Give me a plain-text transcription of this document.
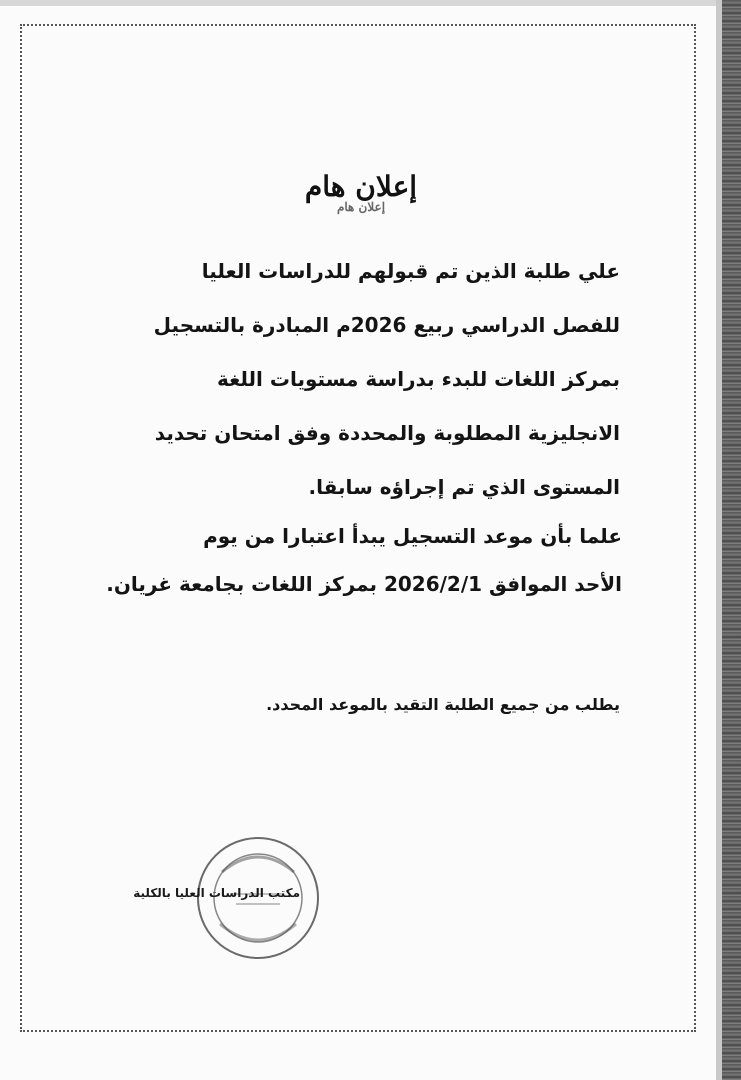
إعلان هام
إعلان هام
علي طلبة الذين تم قبولهم للدراسات العليا
للفصل الدراسي ربيع 2026م المبادرة بالتسجيل
بمركز اللغات للبدء بدراسة مستويات اللغة
الانجليزية المطلوبة والمحددة وفق امتحان تحديد
المستوى الذي تم إجراؤه سابقا.
علما بأن موعد التسجيل يبدأ اعتبارا من يوم
الأحد الموافق 2026/2/1 بمركز اللغات بجامعة غريان.
يطلب من جميع الطلبة التقيد بالموعد المحدد.
مكتب الدراسات العليا بالكلية
